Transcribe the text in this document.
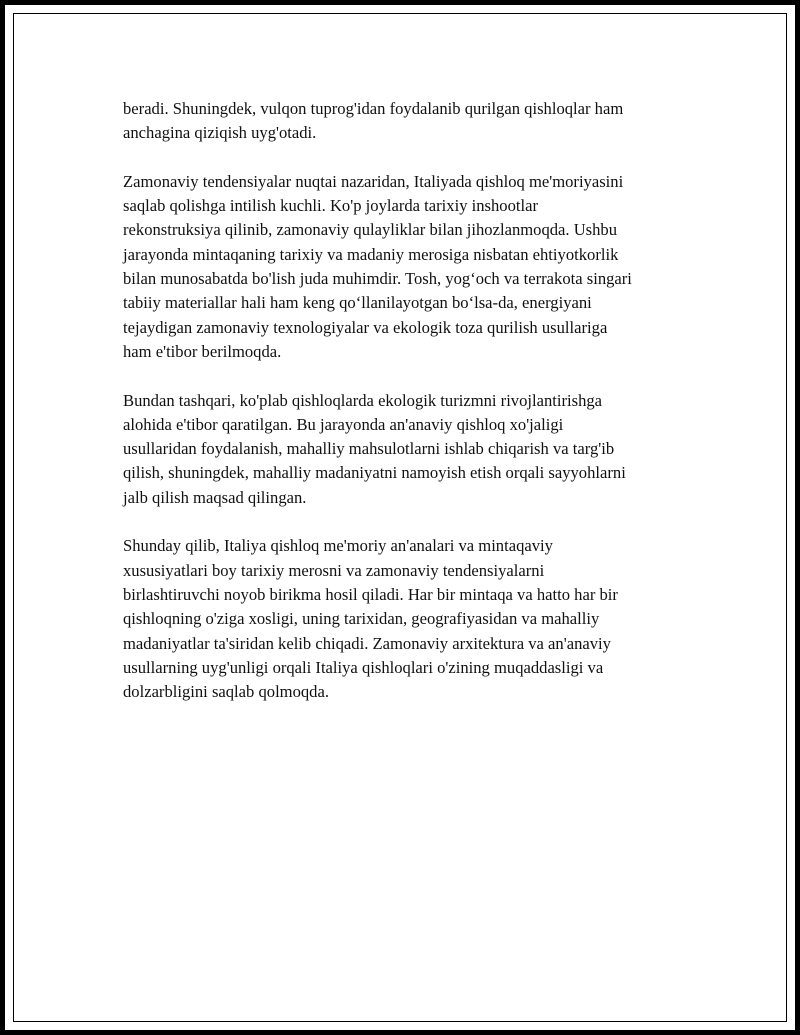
beradi. Shuningdek, vulqon tuprog'idan foydalanib qurilgan qishloqlar ham
anchagina qiziqish uyg'otadi.

Zamonaviy tendensiyalar nuqtai nazaridan, Italiyada qishloq me'moriyasini
saqlab qolishga intilish kuchli. Ko'p joylarda tarixiy inshootlar
rekonstruksiya qilinib, zamonaviy qulayliklar bilan jihozlanmoqda. Ushbu
jarayonda mintaqaning tarixiy va madaniy merosiga nisbatan ehtiyotkorlik
bilan munosabatda bo'lish juda muhimdir. Tosh, yog‘och va terrakota singari
tabiiy materiallar hali ham keng qo‘llanilayotgan bo‘lsa-da, energiyani
tejaydigan zamonaviy texnologiyalar va ekologik toza qurilish usullariga
ham e'tibor berilmoqda.

Bundan tashqari, ko'plab qishloqlarda ekologik turizmni rivojlantirishga
alohida e'tibor qaratilgan. Bu jarayonda an'anaviy qishloq xo'jaligi
usullaridan foydalanish, mahalliy mahsulotlarni ishlab chiqarish va targ'ib
qilish, shuningdek, mahalliy madaniyatni namoyish etish orqali sayyohlarni
jalb qilish maqsad qilingan.

Shunday qilib, Italiya qishloq me'moriy an'analari va mintaqaviy
xususiyatlari boy tarixiy merosni va zamonaviy tendensiyalarni
birlashtiruvchi noyob birikma hosil qiladi. Har bir mintaqa va hatto har bir
qishloqning o'ziga xosligi, uning tarixidan, geografiyasidan va mahalliy
madaniyatlar ta'siridan kelib chiqadi. Zamonaviy arxitektura va an'anaviy
usullarning uyg'unligi orqali Italiya qishloqlari o'zining muqaddasligi va
dolzarbligini saqlab qolmoqda.
